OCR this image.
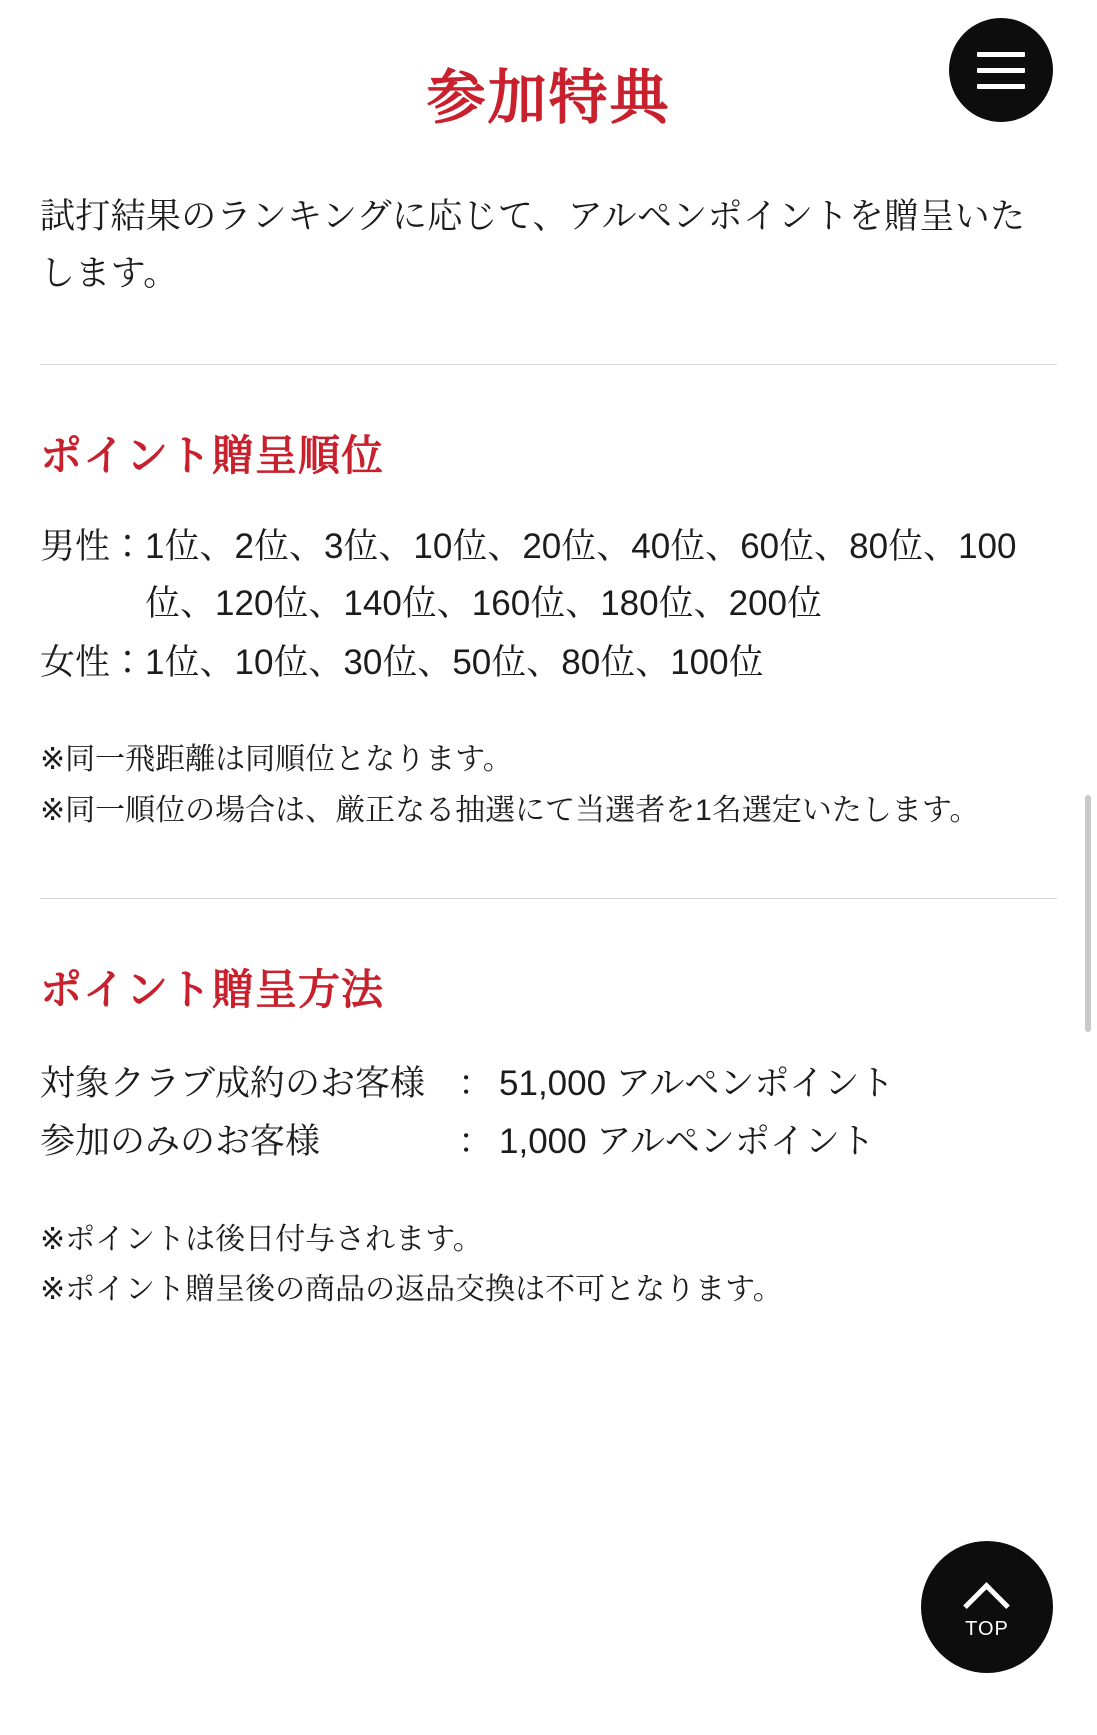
参加特典

試打結果のランキングに応じて、アルペンポイントを贈呈いたします。

ポイント贈呈順位
男性： 1位、2位、3位、10位、20位、40位、60位、80位、100位、120位、140位、160位、180位、200位
女性： 1位、10位、30位、50位、80位、100位

※同一飛距離は同順位となります。

※同一順位の場合は、厳正なる抽選にて当選者を1名選定いたします。

ポイント贈呈方法
対象クラブ成約のお客様 ： 51,000 アルペンポイント
参加のみのお客様	： 1,000 アルペンポイント

※ポイントは後日付与されます。

※ポイント贈呈後の商品の返品交換は不可となります。

TOP
